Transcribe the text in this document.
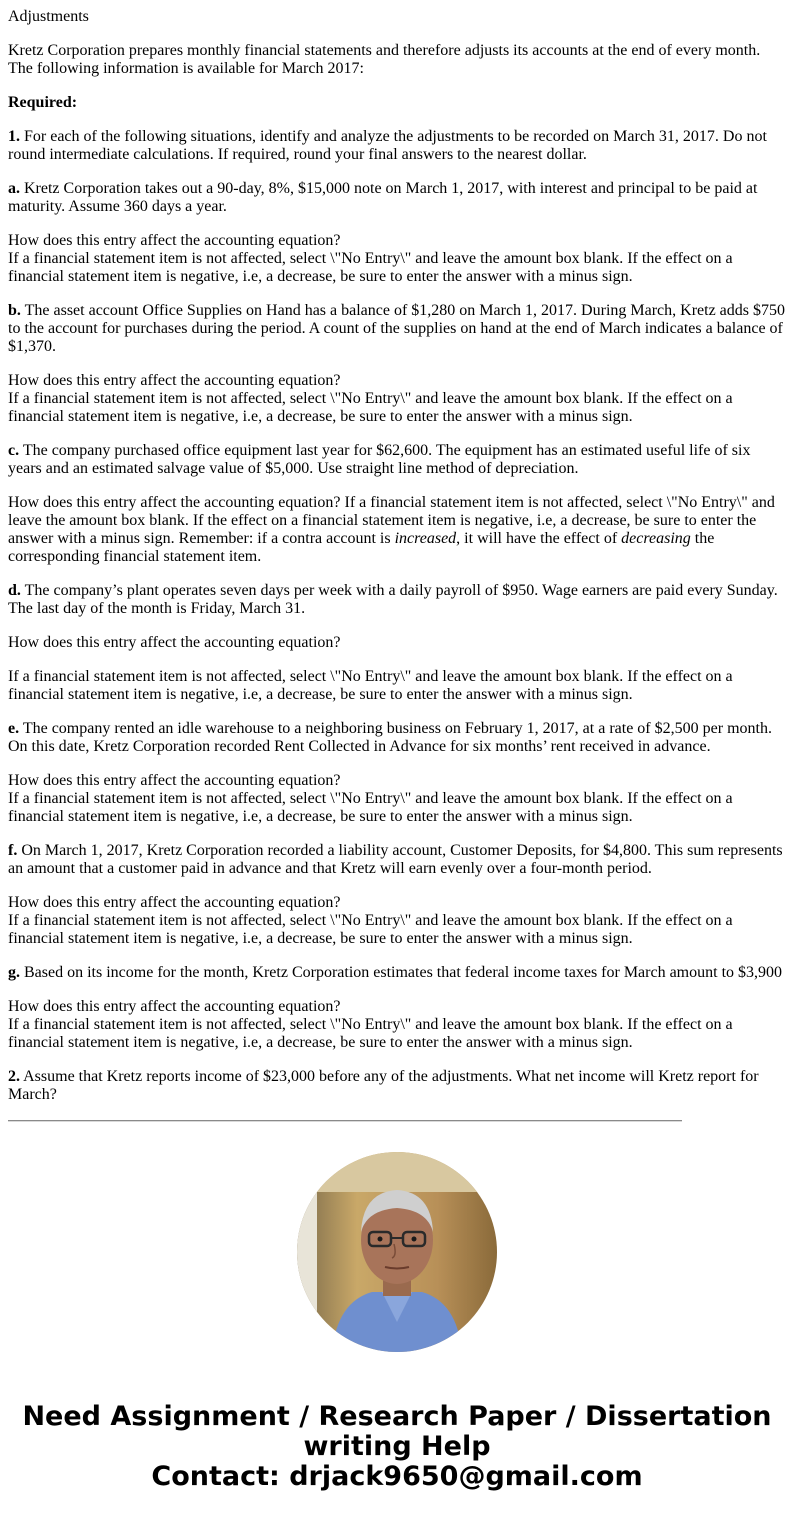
Adjustments

Kretz Corporation prepares monthly financial statements and therefore adjusts its accounts at the end of every month. The following information is available for March 2017:

Required:

1. For each of the following situations, identify and analyze the adjustments to be recorded on March 31, 2017. Do not round intermediate calculations. If required, round your final answers to the nearest dollar.

a. Kretz Corporation takes out a 90-day, 8%, $15,000 note on March 1, 2017, with interest and principal to be paid at maturity. Assume 360 days a year.

How does this entry affect the accounting equation?
If a financial statement item is not affected, select \"No Entry\" and leave the amount box blank. If the effect on a financial statement item is negative, i.e, a decrease, be sure to enter the answer with a minus sign.

b. The asset account Office Supplies on Hand has a balance of $1,280 on March 1, 2017. During March, Kretz adds $750 to the account for purchases during the period. A count of the supplies on hand at the end of March indicates a balance of $1,370.

How does this entry affect the accounting equation?
If a financial statement item is not affected, select \"No Entry\" and leave the amount box blank. If the effect on a financial statement item is negative, i.e, a decrease, be sure to enter the answer with a minus sign.

c. The company purchased office equipment last year for $62,600. The equipment has an estimated useful life of six years and an estimated salvage value of $5,000. Use straight line method of depreciation.

How does this entry affect the accounting equation? If a financial statement item is not affected, select \"No Entry\" and leave the amount box blank. If the effect on a financial statement item is negative, i.e, a decrease, be sure to enter the answer with a minus sign. Remember: if a contra account is increased, it will have the effect of decreasing the corresponding financial statement item.

d. The company’s plant operates seven days per week with a daily payroll of $950. Wage earners are paid every Sunday. The last day of the month is Friday, March 31.

How does this entry affect the accounting equation?

If a financial statement item is not affected, select \"No Entry\" and leave the amount box blank. If the effect on a financial statement item is negative, i.e, a decrease, be sure to enter the answer with a minus sign.

e. The company rented an idle warehouse to a neighboring business on February 1, 2017, at a rate of $2,500 per month. On this date, Kretz Corporation recorded Rent Collected in Advance for six months’ rent received in advance.

How does this entry affect the accounting equation?
If a financial statement item is not affected, select \"No Entry\" and leave the amount box blank. If the effect on a financial statement item is negative, i.e, a decrease, be sure to enter the answer with a minus sign.

f. On March 1, 2017, Kretz Corporation recorded a liability account, Customer Deposits, for $4,800. This sum represents an amount that a customer paid in advance and that Kretz will earn evenly over a four-month period.

How does this entry affect the accounting equation?
If a financial statement item is not affected, select \"No Entry\" and leave the amount box blank. If the effect on a financial statement item is negative, i.e, a decrease, be sure to enter the answer with a minus sign.

g. Based on its income for the month, Kretz Corporation estimates that federal income taxes for March amount to $3,900

How does this entry affect the accounting equation?
If a financial statement item is not affected, select \"No Entry\" and leave the amount box blank. If the effect on a financial statement item is negative, i.e, a decrease, be sure to enter the answer with a minus sign.

2. Assume that Kretz reports income of $23,000 before any of the adjustments. What net income will Kretz report for March?

Need Assignment / Research Paper / Dissertation
writing Help
Contact: drjack9650@gmail.com
